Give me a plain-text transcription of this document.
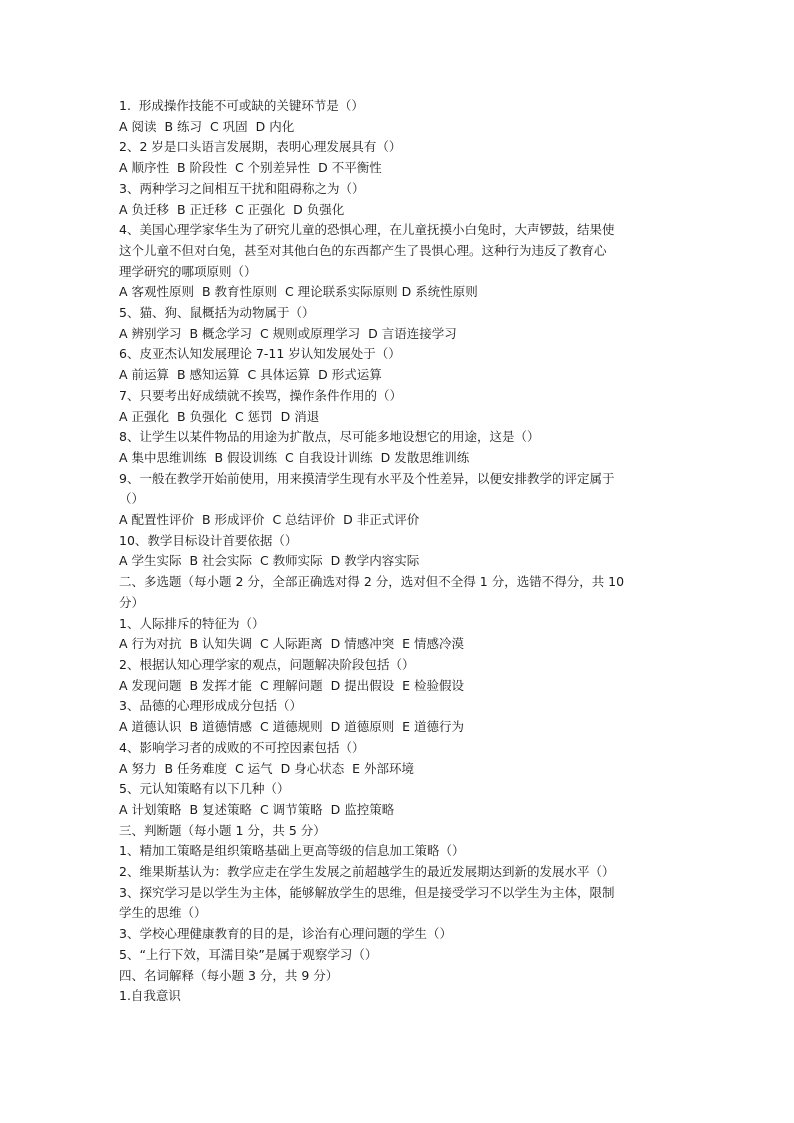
1.  形成操作技能不可或缺的关键环节是（）
A 阅读  B 练习  C 巩固  D 内化
2、2 岁是口头语言发展期，表明心理发展具有（）
A 顺序性  B 阶段性  C 个别差异性  D 不平衡性
3、两种学习之间相互干扰和阻碍称之为（）
A 负迁移  B 正迁移  C 正强化  D 负强化
4、美国心理学家华生为了研究儿童的恐惧心理，在儿童抚摸小白兔时，大声锣鼓，结果使
这个儿童不但对白兔，甚至对其他白色的东西都产生了畏惧心理。这种行为违反了教育心
理学研究的哪项原则（）
A 客观性原则  B 教育性原则  C 理论联系实际原则 D 系统性原则
5、猫、狗、鼠概括为动物属于（）
A 辨别学习  B 概念学习  C 规则或原理学习  D 言语连接学习
6、皮亚杰认知发展理论 7-11 岁认知发展处于（）
A 前运算  B 感知运算  C 具体运算  D 形式运算
7、只要考出好成绩就不挨骂，操作条件作用的（）
A 正强化  B 负强化  C 惩罚  D 消退
8、让学生以某件物品的用途为扩散点，尽可能多地设想它的用途，这是（）
A 集中思维训练  B 假设训练  C 自我设计训练  D 发散思维训练
9、一般在教学开始前使用，用来摸清学生现有水平及个性差异，以便安排教学的评定属于
（）
A 配置性评价  B 形成评价  C 总结评价  D 非正式评价
10、教学目标设计首要依据（）
A 学生实际  B 社会实际  C 教师实际  D 教学内容实际
二、多选题（每小题 2 分，全部正确选对得 2 分，选对但不全得 1 分，选错不得分，共 10
分）
1、人际排斥的特征为（）
A 行为对抗  B 认知失调  C 人际距离  D 情感冲突  E 情感冷漠
2、根据认知心理学家的观点，问题解决阶段包括（）
A 发现问题  B 发挥才能  C 理解问题  D 提出假设  E 检验假设
3、品德的心理形成成分包括（）
A 道德认识  B 道德情感  C 道德规则  D 道德原则  E 道德行为
4、影响学习者的成败的不可控因素包括（）
A 努力  B 任务难度  C 运气  D 身心状态  E 外部环境
5、元认知策略有以下几种（）
A 计划策略  B 复述策略  C 调节策略  D 监控策略
三、判断题（每小题 1 分，共 5 分）
1、精加工策略是组织策略基础上更高等级的信息加工策略（）
2、维果斯基认为：教学应走在学生发展之前超越学生的最近发展期达到新的发展水平（）
3、探究学习是以学生为主体，能够解放学生的思维，但是接受学习不以学生为主体，限制
学生的思维（）
3、学校心理健康教育的目的是，诊治有心理问题的学生（）
5、“上行下效，耳濡目染”是属于观察学习（）
四、名词解释（每小题 3 分，共 9 分）
1.自我意识
